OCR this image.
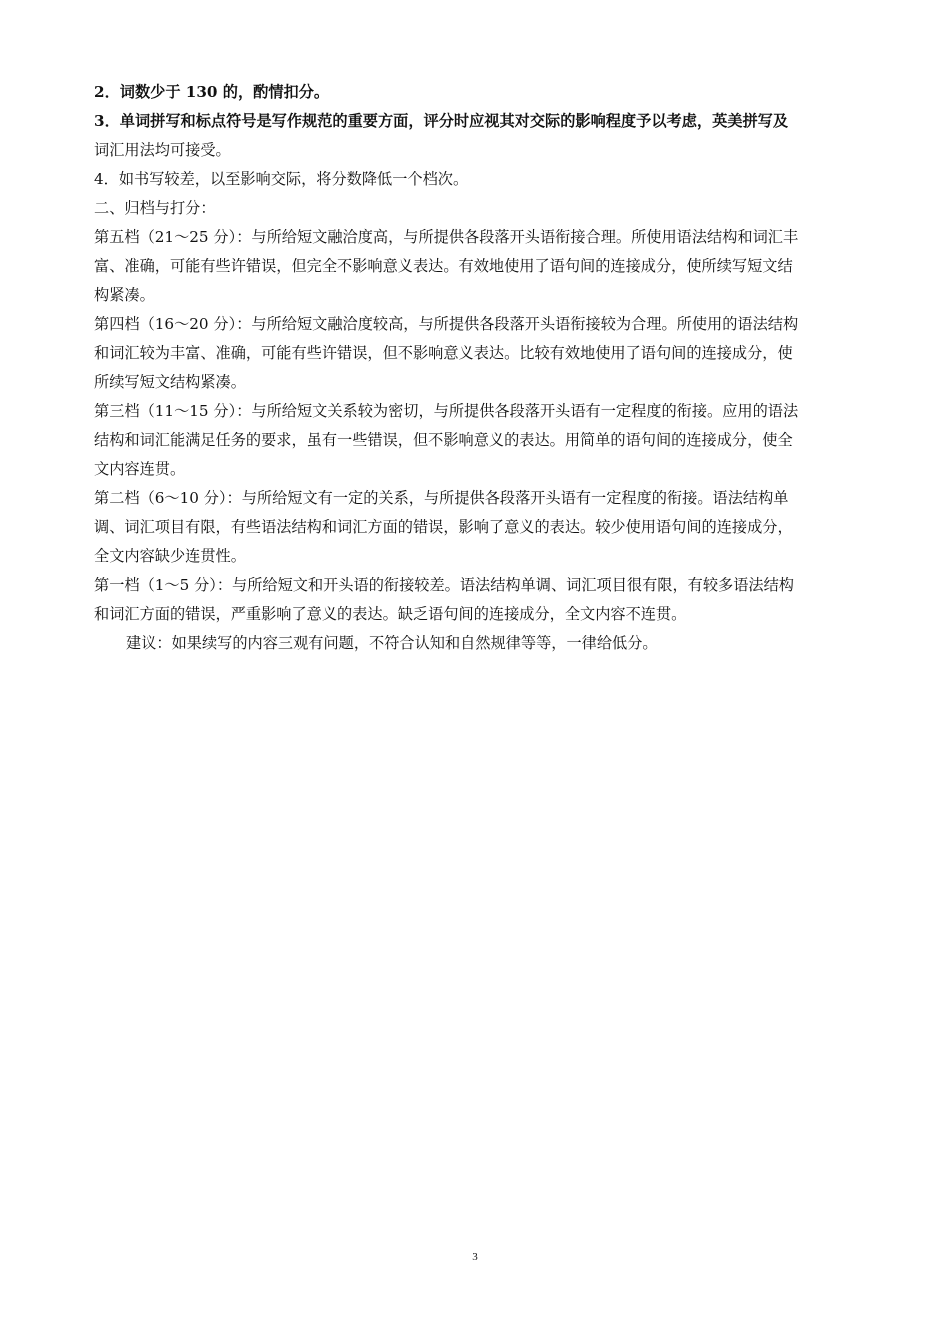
2．词数少于 130 的，酌情扣分。
3．单词拼写和标点符号是写作规范的重要方面，评分时应视其对交际的影响程度予以考虑，英美拼写及
词汇用法均可接受。
4．如书写较差，以至影响交际，将分数降低一个档次。
二、归档与打分：
第五档（21～25 分）：与所给短文融洽度高，与所提供各段落开头语衔接合理。所使用语法结构和词汇丰
富、准确，可能有些许错误，但完全不影响意义表达。有效地使用了语句间的连接成分，使所续写短文结
构紧凑。
第四档（16～20 分）：与所给短文融洽度较高，与所提供各段落开头语衔接较为合理。所使用的语法结构
和词汇较为丰富、准确，可能有些许错误，但不影响意义表达。比较有效地使用了语句间的连接成分，使
所续写短文结构紧凑。
第三档（11～15 分）：与所给短文关系较为密切，与所提供各段落开头语有一定程度的衔接。应用的语法
结构和词汇能满足任务的要求，虽有一些错误，但不影响意义的表达。用简单的语句间的连接成分，使全
文内容连贯。
第二档（6～10 分）：与所给短文有一定的关系，与所提供各段落开头语有一定程度的衔接。语法结构单
调、词汇项目有限，有些语法结构和词汇方面的错误，影响了意义的表达。较少使用语句间的连接成分，
全文内容缺少连贯性。
第一档（1～5 分）：与所给短文和开头语的衔接较差。语法结构单调、词汇项目很有限，有较多语法结构
和词汇方面的错误，严重影响了意义的表达。缺乏语句间的连接成分，全文内容不连贯。
建议：如果续写的内容三观有问题，不符合认知和自然规律等等，一律给低分。
3
